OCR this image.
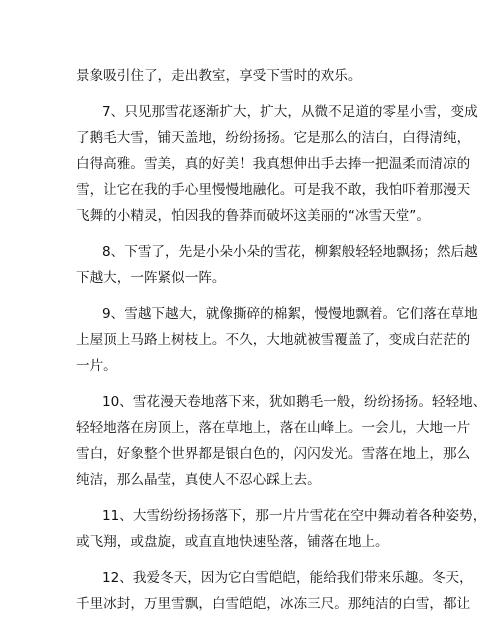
景象吸引住了，走出教室，享受下雪时的欢乐。
7、只见那雪花逐渐扩大，扩大，从微不足道的零星小雪，变成
了鹅毛大雪，铺天盖地，纷纷扬扬。它是那么的洁白，白得清纯，
白得高雅。雪美，真的好美！我真想伸出手去捧一把温柔而清凉的
雪，让它在我的手心里慢慢地融化。可是我不敢，我怕吓着那漫天
飞舞的小精灵，怕因我的鲁莽而破坏这美丽的“冰雪天堂”。
8、下雪了，先是小朵小朵的雪花，柳絮般轻轻地飘扬；然后越
下越大，一阵紧似一阵。
9、雪越下越大，就像撕碎的棉絮，慢慢地飘着。它们落在草地
上屋顶上马路上树枝上。不久，大地就被雪覆盖了，变成白茫茫的
一片。
10、雪花漫天卷地落下来，犹如鹅毛一般，纷纷扬扬。轻轻地、
轻轻地落在房顶上，落在草地上，落在山峰上。一会儿，大地一片
雪白，好象整个世界都是银白色的，闪闪发光。雪落在地上，那么
纯洁，那么晶莹，真使人不忍心踩上去。
11、大雪纷纷扬扬落下，那一片片雪花在空中舞动着各种姿势，
或飞翔，或盘旋，或直直地快速坠落，铺落在地上。
12、我爱冬天，因为它白雪皑皑，能给我们带来乐趣。冬天，
千里冰封，万里雪飘，白雪皑皑，冰冻三尺。那纯洁的白雪，都让
